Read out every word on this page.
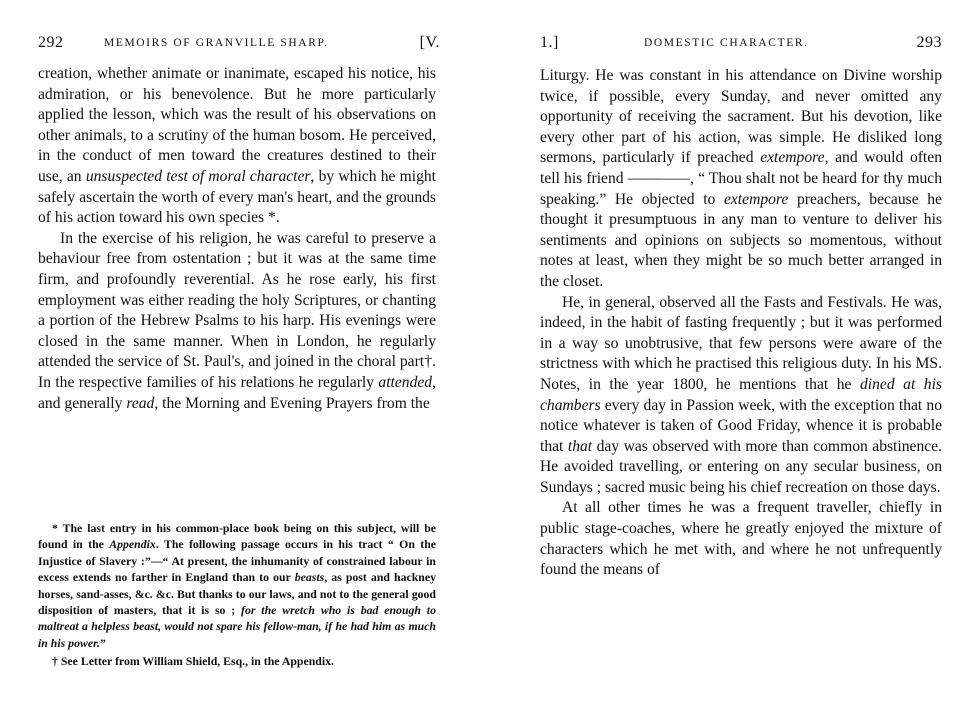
292	MEMOIRS OF GRANVILLE SHARP.	[V.

creation, whether animate or inanimate, escaped his notice, his admiration, or his benevolence. But he more particularly applied the lesson, which was the result of his observations on other animals, to a scrutiny of the human bosom. He perceived, in the conduct of men toward the creatures destined to their use, an unsuspected test of moral character, by which he might safely ascertain the worth of every man's heart, and the grounds of his action toward his own species *.

In the exercise of his religion, he was careful to preserve a behaviour free from ostentation ; but it was at the same time firm, and profoundly reverential. As he rose early, his first employment was either reading the holy Scriptures, or chanting a portion of the Hebrew Psalms to his harp. His evenings were closed in the same manner. When in London, he regularly attended the service of St. Paul's, and joined in the choral part†. In the respective families of his relations he regularly attended, and generally read, the Morning and Evening Prayers from the

* The last entry in his common-place book being on this subject, will be found in the Appendix. The following passage occurs in his tract “ On the Injustice of Slavery :”—“ At present, the inhumanity of constrained labour in excess extends no farther in England than to our beasts, as post and hackney horses, sand-asses, &c. &c. But thanks to our laws, and not to the general good disposition of masters, that it is so ; for the wretch who is bad enough to maltreat a helpless beast, would not spare his fellow-man, if he had him as much in his power.”

† See Letter from William Shield, Esq., in the Appendix.

1.]	DOMESTIC CHARACTER.	293

Liturgy. He was constant in his attendance on Divine worship twice, if possible, every Sunday, and never omitted any opportunity of receiving the sacrament. But his devotion, like every other part of his action, was simple. He disliked long sermons, particularly if preached extempore, and would often tell his friend ————, “ Thou shalt not be heard for thy much speaking.” He objected to extempore preachers, because he thought it presumptuous in any man to venture to deliver his sentiments and opinions on subjects so momentous, without notes at least, when they might be so much better arranged in the closet.

He, in general, observed all the Fasts and Festivals. He was, indeed, in the habit of fasting frequently ; but it was performed in a way so unobtrusive, that few persons were aware of the strictness with which he practised this religious duty. In his MS. Notes, in the year 1800, he mentions that he dined at his chambers every day in Passion week, with the exception that no notice whatever is taken of Good Friday, whence it is probable that that day was observed with more than common abstinence. He avoided travelling, or entering on any secular business, on Sundays ; sacred music being his chief recreation on those days.

At all other times he was a frequent traveller, chiefly in public stage-coaches, where he greatly enjoyed the mixture of characters which he met with, and where he not unfrequently found the means of
